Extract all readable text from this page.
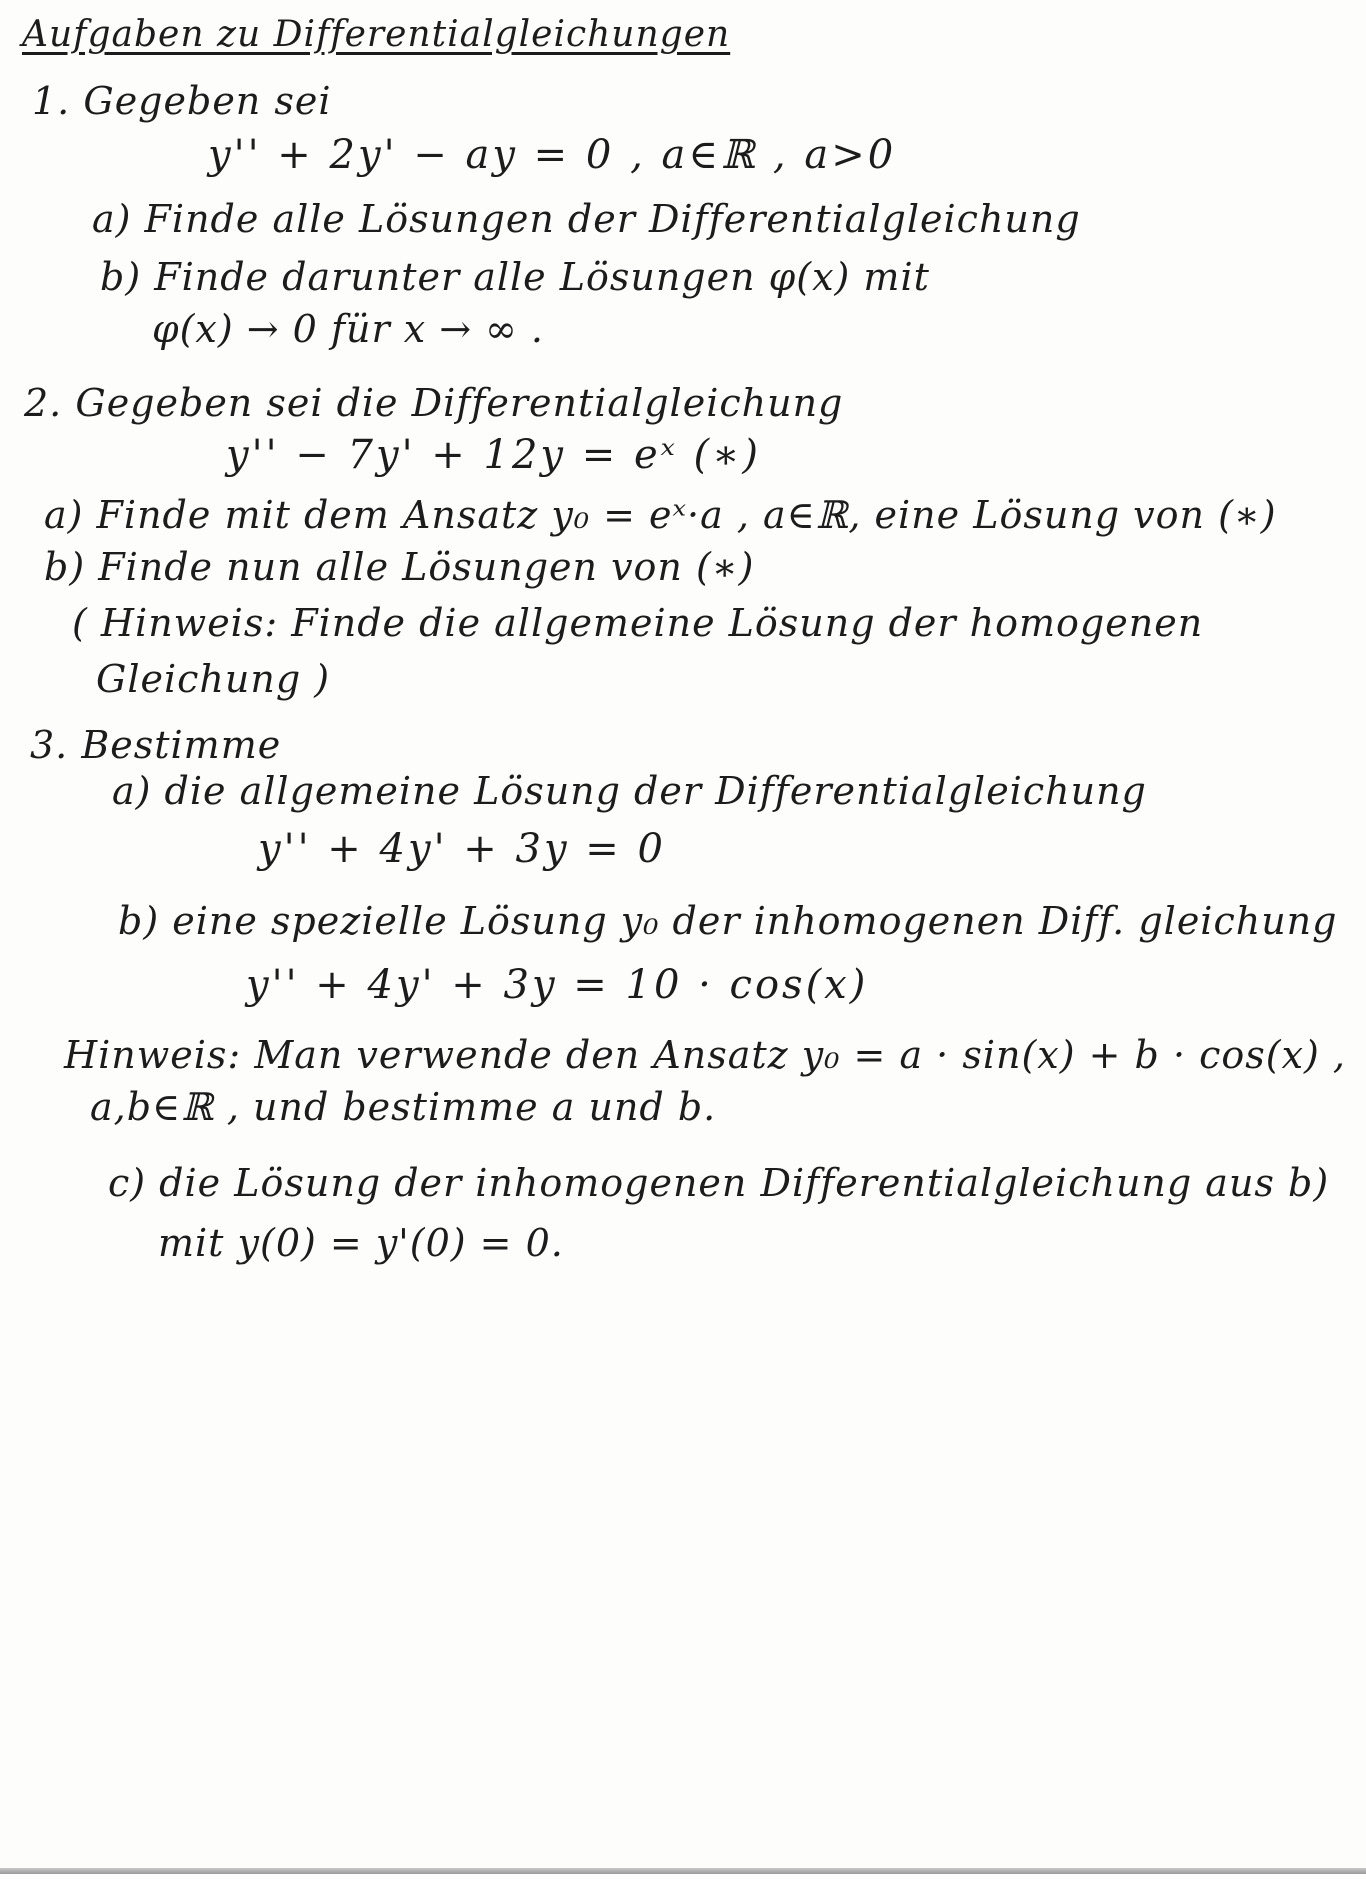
Aufgaben zu Differentialgleichungen
1. Gegeben sei
y'' + 2y' − ay = 0 , a∈ℝ , a>0
a) Finde alle Lösungen der Differentialgleichung
b) Finde darunter alle Lösungen φ(x) mit
φ(x) → 0 für x → ∞ .
2. Gegeben sei die Differentialgleichung
y'' − 7y' + 12y = eˣ (∗)
a) Finde mit dem Ansatz y₀ = eˣ·a , a∈ℝ, eine Lösung von (∗)
b) Finde nun alle Lösungen von (∗)
( Hinweis: Finde die allgemeine Lösung der homogenen
Gleichung )
3. Bestimme
a) die allgemeine Lösung der Differentialgleichung
y'' + 4y' + 3y = 0
b) eine spezielle Lösung y₀ der inhomogenen Diff. gleichung
y'' + 4y' + 3y = 10 · cos(x)
Hinweis: Man verwende den Ansatz y₀ = a · sin(x) + b · cos(x) ,
a,b∈ℝ , und bestimme a und b.
c) die Lösung der inhomogenen Differentialgleichung aus b)
mit y(0) = y'(0) = 0.
